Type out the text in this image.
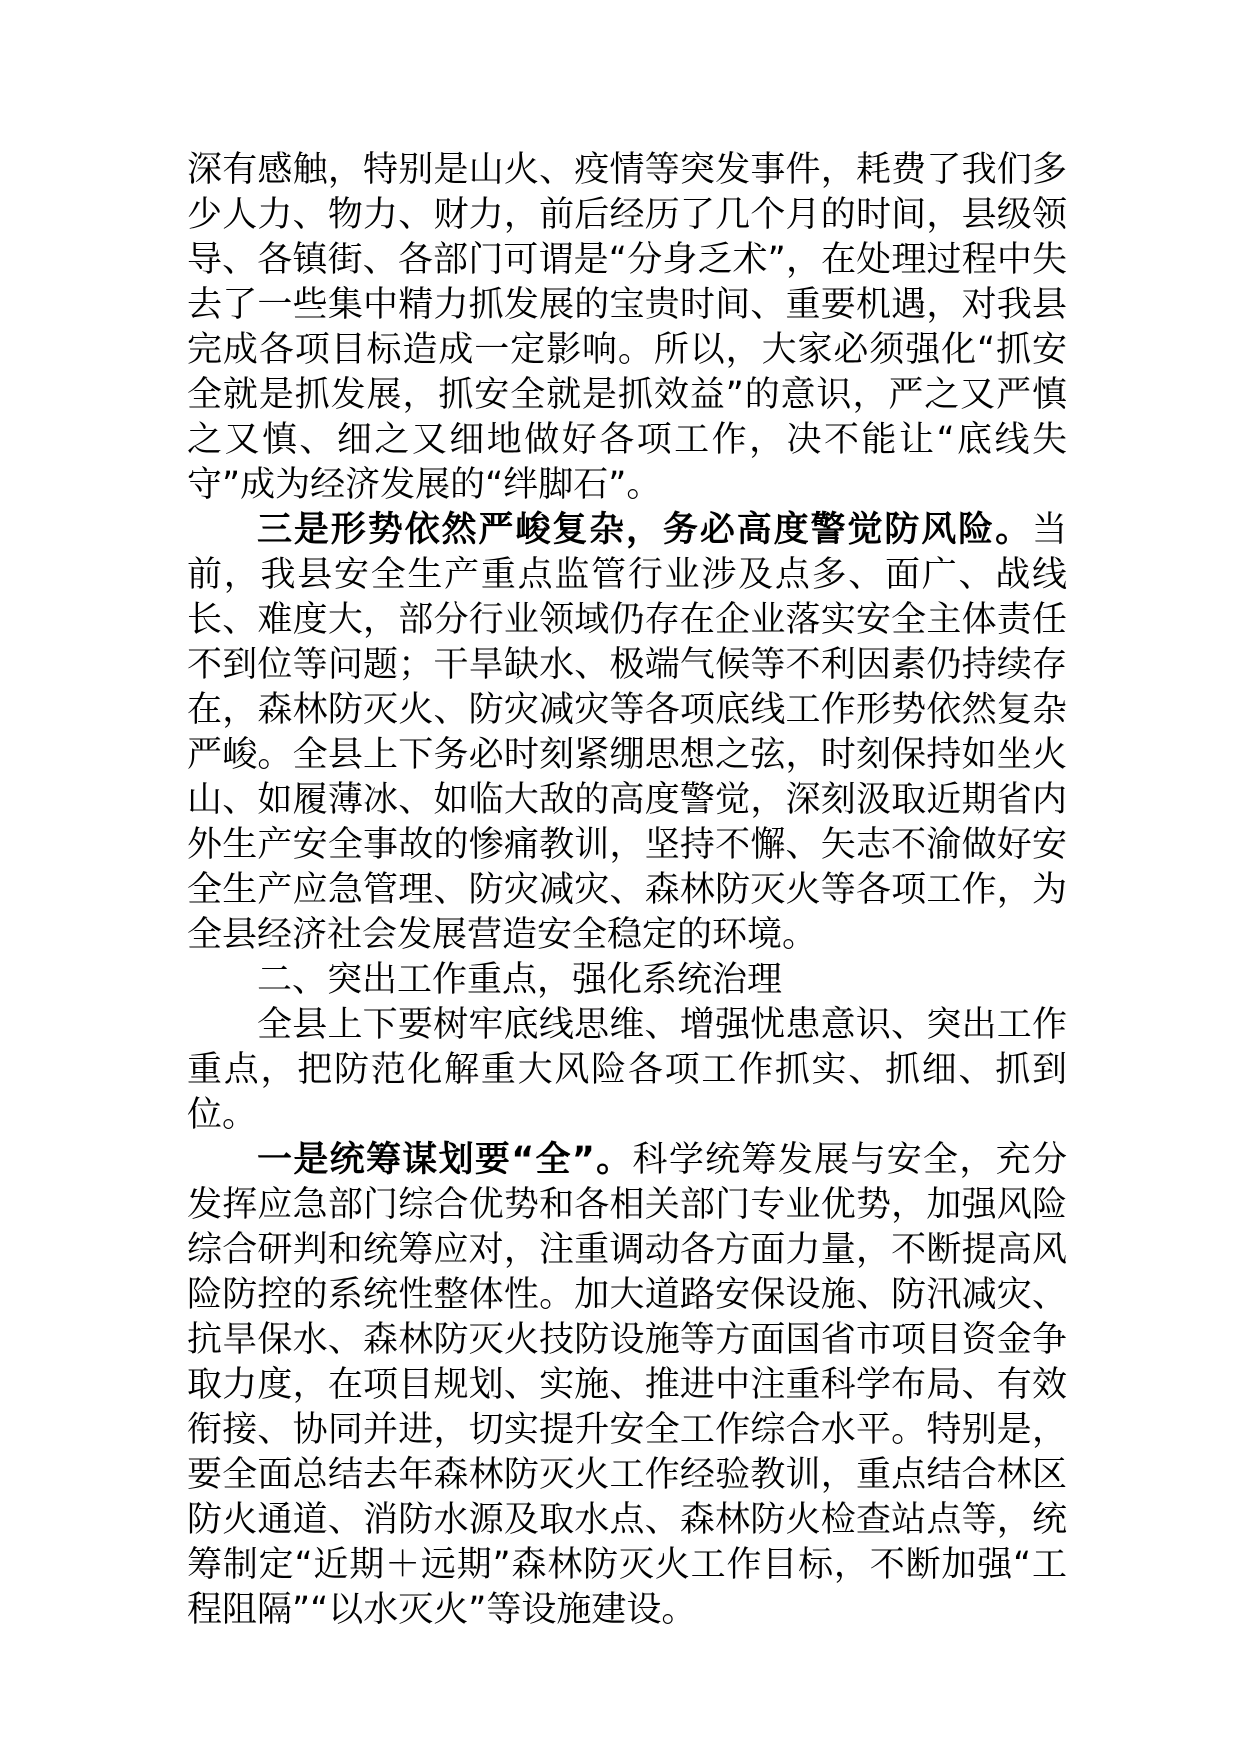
深有感触，特别是山火、疫情等突发事件，耗费了我们多少人力、物力、财力，前后经历了几个月的时间，县级领导、各镇街、各部门可谓是“分身乏术”，在处理过程中失去了一些集中精力抓发展的宝贵时间、重要机遇，对我县完成各项目标造成一定影响。所以，大家必须强化“抓安全就是抓发展，抓安全就是抓效益”的意识，严之又严慎之又慎、细之又细地做好各项工作，决不能让“底线失守”成为经济发展的“绊脚石”。

三是形势依然严峻复杂，务必高度警觉防风险。当前，我县安全生产重点监管行业涉及点多、面广、战线长、难度大，部分行业领域仍存在企业落实安全主体责任不到位等问题；干旱缺水、极端气候等不利因素仍持续存在，森林防灭火、防灾减灾等各项底线工作形势依然复杂严峻。全县上下务必时刻紧绷思想之弦，时刻保持如坐火山、如履薄冰、如临大敌的高度警觉，深刻汲取近期省内外生产安全事故的惨痛教训，坚持不懈、矢志不渝做好安全生产应急管理、防灾减灾、森林防灭火等各项工作，为全县经济社会发展营造安全稳定的环境。

二、突出工作重点，强化系统治理

全县上下要树牢底线思维、增强忧患意识、突出工作重点，把防范化解重大风险各项工作抓实、抓细、抓到位。

一是统筹谋划要“全”。科学统筹发展与安全，充分发挥应急部门综合优势和各相关部门专业优势，加强风险综合研判和统筹应对，注重调动各方面力量，不断提高风险防控的系统性整体性。加大道路安保设施、防汛减灾、抗旱保水、森林防灭火技防设施等方面国省市项目资金争取力度，在项目规划、实施、推进中注重科学布局、有效衔接、协同并进，切实提升安全工作综合水平。特别是，要全面总结去年森林防灭火工作经验教训，重点结合林区防火通道、消防水源及取水点、森林防火检查站点等，统筹制定“近期＋远期”森林防灭火工作目标，不断加强“工程阻隔”“以水灭火”等设施建设。
